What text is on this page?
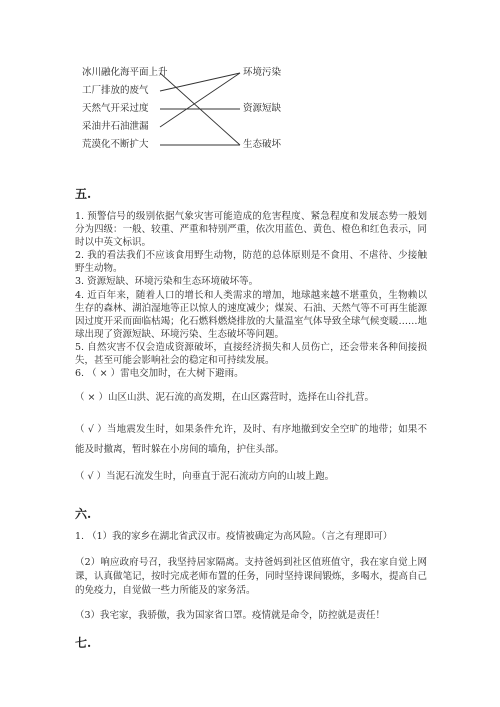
冰川融化海平面上升
工厂排放的废气
天然气开采过度
采油井石油泄漏
荒漠化不断扩大
环境污染
资源短缺
生态破坏
五.

1. 预警信号的级别依据气象灾害可能造成的危害程度、紧急程度和发展态势一般划分为四级：一般、较重、严重和特别严重，依次用蓝色、黄色、橙色和红色表示，同时以中英文标识。

2. 我的看法我们不应该食用野生动物，防范的总体原则是不食用、不虐待、少接触野生动物。

3. 资源短缺、环境污染和生态环境破坏等。

4. 近百年来，随着人口的增长和人类需求的增加，地球越来越不堪重负，生物赖以生存的森林、湖泊湿地等正以惊人的速度减少；煤炭、石油、天然气等不可再生能源因过度开采而面临枯竭；化石燃料燃烧排放的大量温室气体导致全球气候变暖……地球出现了资源短缺、环境污染、生态破坏等问题。

5. 自然灾害不仅会造成资源破坏，直接经济损失和人员伤亡，还会带来各种间接损失，甚至可能会影响社会的稳定和可持续发展。

6. （ × ）雷电交加时，在大树下避雨。

（ × ）山区山洪、泥石流的高发期，在山区露营时，选择在山谷扎营。

（ √ ）当地震发生时，如果条件允许，及时、有序地撤到安全空旷的地带；如果不能及时撤离，暂时躲在小房间的墙角，护住头部。

（ √ ）当泥石流发生时，向垂直于泥石流动方向的山坡上跑。

六.

1. （1）我的家乡在湖北省武汉市。疫情被确定为高风险。（言之有理即可）

（2）响应政府号召，我坚持居家隔离。支持爸妈到社区值班值守，我在家自觉上网课，认真做笔记，按时完成老师布置的任务，同时坚持课间锻炼，多喝水，提高自己的免疫力，自觉做一些力所能及的家务活。

（3）我宅家，我骄傲，我为国家省口罩。疫情就是命令，防控就是责任！

七.
